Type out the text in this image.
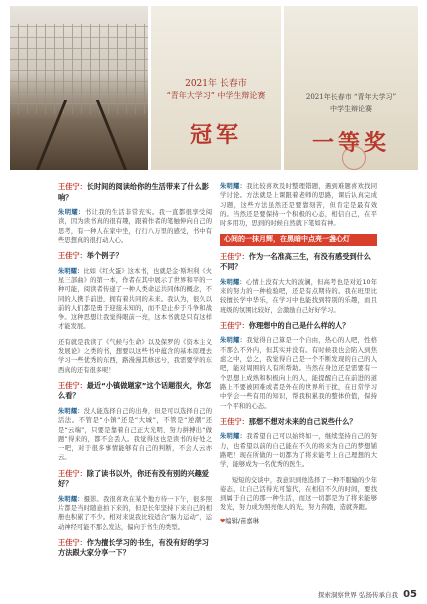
2021年 长春市
“青年大学习” 中学生辩论赛
冠军
2021年长春市 “青年大学习”
中学生辩论赛
一等奖

王佳宁：长时间的阅读给你的生活带来了什么影响？

朱明耀：书让我的生活非常充实。我一直都很享受阅读，因为读书真的很有趣，跟着作者的笔触伸向自己的思考，有一种人在家中坐，行行八万里的感受，书中有些思想真的很打动人心。

王佳宁：举个例子？

朱明耀：比如《红火蛋》这本书，也就是金·斯坦利《火星三部曲》的第一本，作者在其中展示了世界和平的一种可能，阅读者传递了一种人类命运共同体的概念，不同的人携手前进，拥有着共同的未来。我认为，很久以前的人们都是勇于迎接未知的，而不是止步于斗争和战争。这种思想让我觉得眼前一亮，这本书就是只有这样才能发展。

还有就是我读了《气候与生命》以及保罗的《资本主义发展论》之类的书，想要以这些书中蕴含的基本原理去学习一些优秀的东西，路漫漫其修远兮，我需要学的东西真的还有很多呢！

王佳宁：最近“小镇做题家”这个话题很火，你怎么看？

朱明耀：没人能选择自己的出身，但是可以选择自己的活法。不管是“小镇”还是“大城”，不管是“逆潮”还是“云端”，只要是靠着自己正大光明、努力拼搏出“做题”得来的，都不会丢人。我觉得这也是读书的好处之一吧，对于很多事情能够有自己的判断，不会人云亦云。

王佳宁：除了读书以外，你还有没有别的兴趣爱好？

朱明耀：摄影。我很喜欢在某个地方待一下午，很多照片都是当时随意拍下来的，但是长年坚持下来自己的相册也积累了不少。相对来说我比较适合“脑力运动”，运动神经可能不那么发达，偏向于书生的类型。

王佳宁：作为擅长学习的书生，有没有好的学习方法跟大家分享一下？

朱明耀：我比较喜欢及时整理错题，遇到难题喜欢找同学讨论。方法就是上课跟着老师的思路，课后认真完成习题，这些方法虽然还是要靠刻苦，但肯定是最有效的。当然还是要保持一个积极的心态，相信自己，在平时多用功，思到的时候自然就下笔如有神。

心间的一抹月辉，在黑暗中点亮一盏心灯

王佳宁：作为一名准高三生，有没有感受到什么不同？

朱明耀：心情上没有大大的波澜，但高考也是对近10年来的努力的一种检验吧，还是有点期待的。我在班里比较擅长学中华乐，在学习中也能找到特别的乐趣，而且班级的氛围比较好，会激励自己好好学习。

王佳宁：你理想中的自己是什么样的人？

朱明耀：我觉得自己算是一个自由，热心的人吧，性格不那么不外内，但其实并没有。有时候我也会陷入到焦虑之中，总之，我觉得自己是一个不断发现的自己的人吧，能对周围的人有所帮助。当然在身边还是需要有一个思想上成熟和积极向上的人，能提醒自己在前进的道路上不要被困难或者是外在的世界所干扰，在日常学习中学会一些有用的知识，帮我积累我的整体价值，保持一个平和的心态。

王佳宁：那想不想对未来的自己说些什么？

朱明耀：我希望自己可以始终如一，继续坚持自己的努力，也希望以前的自己能在不久的将来为自己的梦想铺路吧！现在所做的一切都为了将来能考上自己理想的大学，能够成为一名优秀的医生。

短短的交谈中，我意识到他选择了一种不服输的少年姿态，让自己活得光可鉴代，在相信不久的时间，要找到属于自己的那一种生活，而这一切都是为了将来能够发光，努力成为照亮他人的光，努力奔跑，造就奔跑。

❤编辑/苗嘉琳
探索洞察世界 弘扬传承自我 05
